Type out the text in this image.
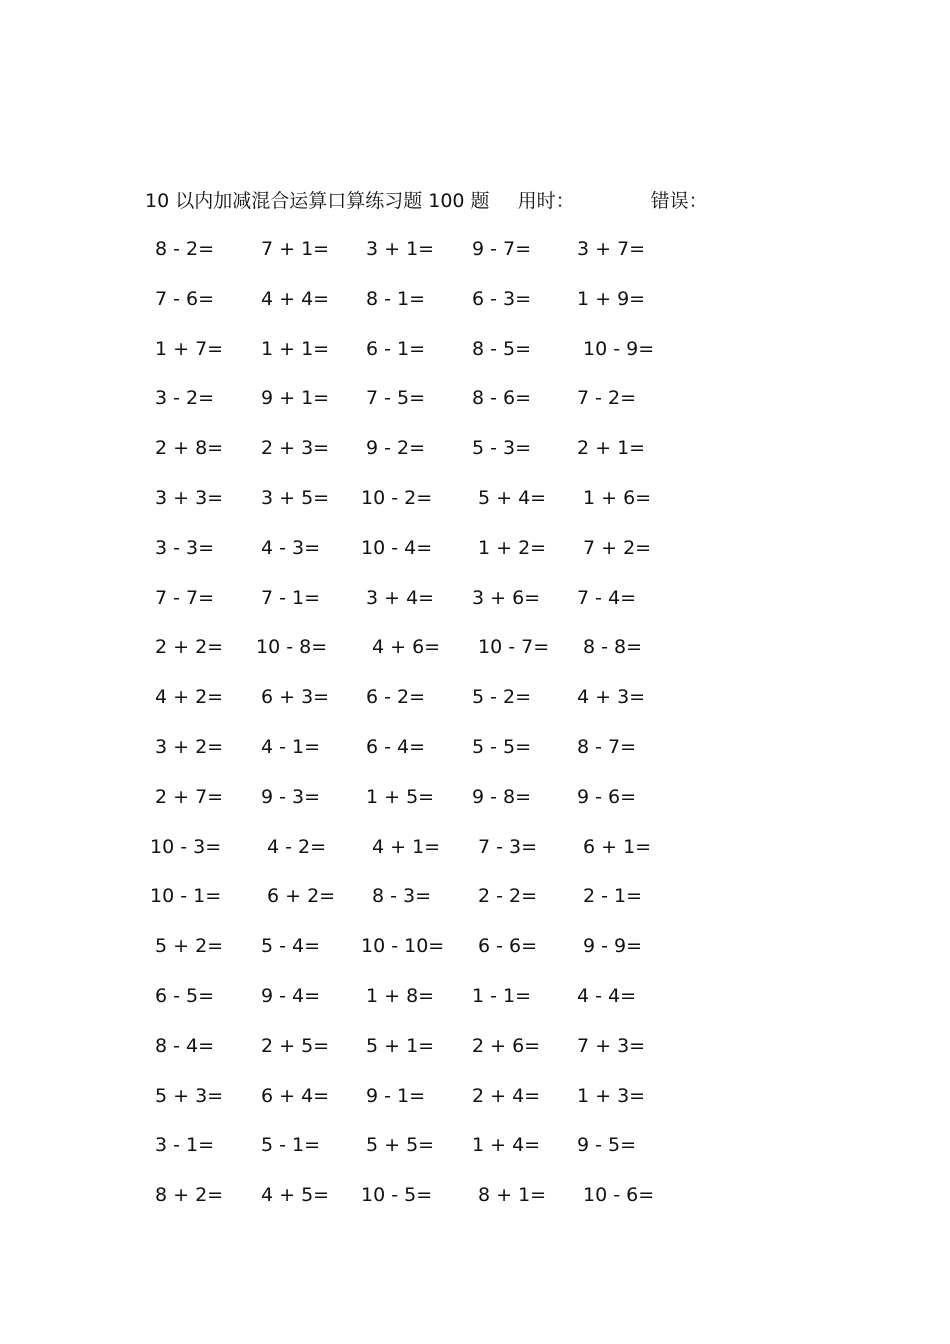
10 以内加减混合运算口算练习题 100 题 用时：	错误：
8 - 2= 7 + 1= 3 + 1= 9 - 7= 3 + 7=
7 - 6= 4 + 4= 8 - 1= 6 - 3= 1 + 9=
1 + 7= 1 + 1= 6 - 1= 8 - 5=	10 - 9=
3 - 2= 9 + 1= 7 - 5= 8 - 6= 7 - 2=
2 + 8= 2 + 3= 9 - 2= 5 - 3= 2 + 1=
3 + 3= 3 + 5= 10 - 2= 5 + 4= 1 + 6=
3 - 3= 4 - 3= 10 - 4= 1 + 2= 7 + 2=
7 - 7= 7 - 1= 3 + 4= 3 + 6= 7 - 4=
2 + 2= 10 - 8= 4 + 6= 10 - 7= 8 - 8=
4 + 2= 6 + 3= 6 - 2= 5 - 2= 4 + 3=
3 + 2= 4 - 1= 6 - 4= 5 - 5= 8 - 7=
2 + 7= 9 - 3= 1 + 5= 9 - 8= 9 - 6=
10 - 3= 4 - 2= 4 + 1= 7 - 3= 6 + 1=
10 - 1= 6 + 2= 8 - 3= 2 - 2= 2 - 1=
5 + 2= 5 - 4= 10 - 10= 6 - 6= 9 - 9=
6 - 5= 9 - 4= 1 + 8= 1 - 1= 4 - 4=
8 - 4= 2 + 5= 5 + 1= 2 + 6= 7 + 3=
5 + 3= 6 + 4= 9 - 1= 2 + 4= 1 + 3=
3 - 1= 5 - 1= 5 + 5= 1 + 4= 9 - 5=
8 + 2= 4 + 5= 10 - 5= 8 + 1= 10 - 6=
